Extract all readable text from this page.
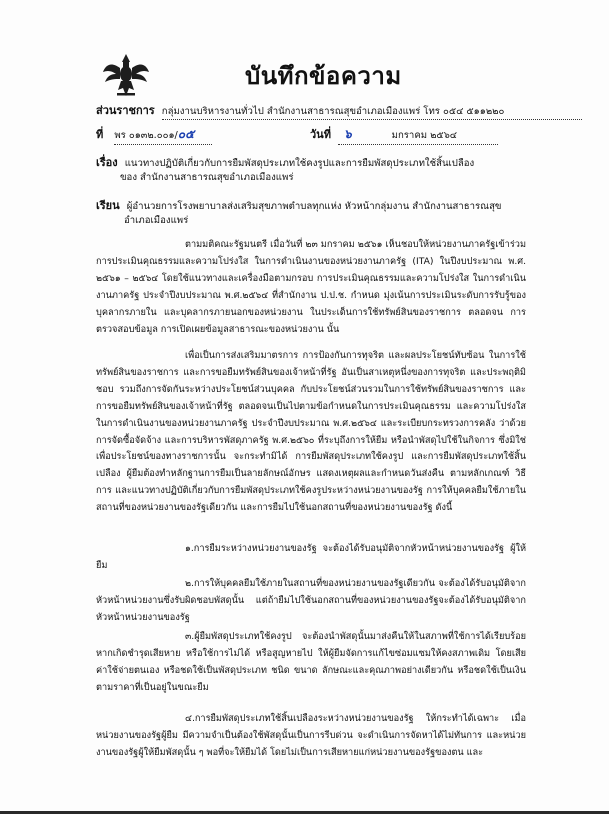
บันทึกข้อความ
ส่วนราชการ กลุ่มงานบริหารงานทั่วไป สำนักงานสาธารณสุขอำเภอเมืองแพร่ โทร ๐๕๔ ๕๑๑๒๒๐
ที่ พร ๐๑๓๒.๐๐๑/๐๕	วันที่ ๖	มกราคม ๒๕๖๔
เรื่อง แนวทางปฏิบัติเกี่ยวกับการยืมพัสดุประเภทใช้คงรูปและการยืมพัสดุประเภทใช้สิ้นเปลือง
ของ สำนักงานสาธารณสุขอำเภอเมืองแพร่
เรียน ผู้อำนวยการโรงพยาบาลส่งเสริมสุขภาพตำบลทุกแห่ง หัวหน้ากลุ่มงาน สำนักงานสาธารณสุข
อำเภอเมืองแพร่
ตามมติคณะรัฐมนตรี เมื่อวันที่ ๒๓ มกราคม ๒๕๖๑ เห็นชอบให้หน่วยงานภาครัฐเข้าร่วมการประเมินคุณธรรมและความโปร่งใส ในการดำเนินงานของหน่วยงานภาครัฐ (ITA) ในปีงบประมาณ พ.ศ. ๒๕๖๑ – ๒๕๖๔ โดยใช้แนวทางและเครื่องมือตามกรอบ การประเมินคุณธรรมและความโปร่งใส ในการดำเนินงานภาครัฐ ประจำปีงบประมาณ พ.ศ.๒๕๖๔ ที่สำนักงาน ป.ป.ช. กำหนด มุ่งเน้นการประเมินระดับการรับรู้ของบุคลากรภายใน และบุคลากรภายนอกของหน่วยงาน ในประเด็นการใช้ทรัพย์สินของราชการ ตลอดจน การตรวจสอบข้อมูล การเปิดเผยข้อมูลสาธารณะของหน่วยงาน นั้น
เพื่อเป็นการส่งเสริมมาตรการ การป้องกันการทุจริต และผลประโยชน์ทับซ้อน ในการใช้ทรัพย์สินของราชการ และการขอยืมทรัพย์สินของเจ้าหน้าที่รัฐ อันเป็นสาเหตุหนึ่งของการทุจริต และประพฤติมิชอบ รวมถึงการจัดกันระหว่างประโยชน์ส่วนบุคคล กับประโยชน์ส่วนรวมในการใช้ทรัพย์สินของราชการ และการขอยืมทรัพย์สินของเจ้าหน้าที่รัฐ ตลอดจนเป็นไปตามข้อกำหนดในการประเมินคุณธรรม และความโปร่งใส ในการดำเนินงานของหน่วยงานภาครัฐ ประจำปีงบประมาณ พ.ศ.๒๕๖๔ และระเบียบกระทรวงการคลัง ว่าด้วยการจัดซื้อจัดจ้าง และการบริหารพัสดุภาครัฐ พ.ศ.๒๕๖๐ ที่ระบุถึงการให้ยืม หรือนำพัสดุไปใช้ในกิจการ ซึ่งมิใช่เพื่อประโยชน์ของทางราชการนั้น จะกระทำมิได้ การยืมพัสดุประเภทใช้คงรูป และการยืมพัสดุประเภทใช้สิ้นเปลือง ผู้ยืมต้องทำหลักฐานการยืมเป็นลายลักษณ์อักษร แสดงเหตุผลและกำหนดวันส่งคืน ตามหลักเกณฑ์ วิธีการ และแนวทางปฏิบัติเกี่ยวกับการยืมพัสดุประเภทใช้คงรูประหว่างหน่วยงานของรัฐ การให้บุคคลยืมใช้ภายในสถานที่ของหน่วยงานของรัฐเดียวกัน และการยืมไปใช้นอกสถานที่ของหน่วยงานของรัฐ ดังนี้
๑.การยืมระหว่างหน่วยงานของรัฐ จะต้องได้รับอนุมัติจากหัวหน้าหน่วยงานของรัฐ ผู้ให้ยืม
๒.การให้บุคคลยืมใช้ภายในสถานที่ของหน่วยงานของรัฐเดียวกัน จะต้องได้รับอนุมัติจากหัวหน้าหน่วยงานซึ่งรับผิดชอบพัสดุนั้น แต่ถ้ายืมไปใช้นอกสถานที่ของหน่วยงานของรัฐจะต้องได้รับอนุมัติจากหัวหน้าหน่วยงานของรัฐ
๓.ผู้ยืมพัสดุประเภทใช้คงรูป จะต้องนำพัสดุนั้นมาส่งคืนให้ในสภาพที่ใช้การได้เรียบร้อย หากเกิดชำรุดเสียหาย หรือใช้การไม่ได้ หรือสูญหายไป ให้ผู้ยืมจัดการแก้ไขซ่อมแซมให้คงสภาพเดิม โดยเสียค่าใช้จ่ายตนเอง หรือชดใช้เป็นพัสดุประเภท ชนิด ขนาด ลักษณะและคุณภาพอย่างเดียวกัน หรือชดใช้เป็นเงินตามราคาที่เป็นอยู่ในขณะยืม
๔.การยืมพัสดุประเภทใช้สิ้นเปลืองระหว่างหน่วยงานของรัฐ ให้กระทำได้เฉพาะ เมื่อหน่วยงานของรัฐผู้ยืม มีความจำเป็นต้องใช้พัสดุนั้นเป็นการรีบด่วน จะดำเนินการจัดหาได้ไม่ทันการ และหน่วยงานของรัฐผู้ให้ยืมพัสดุนั้น ๆ พอที่จะให้ยืมได้ โดยไม่เป็นการเสียหายแก่หน่วยงานของรัฐของตน และ
